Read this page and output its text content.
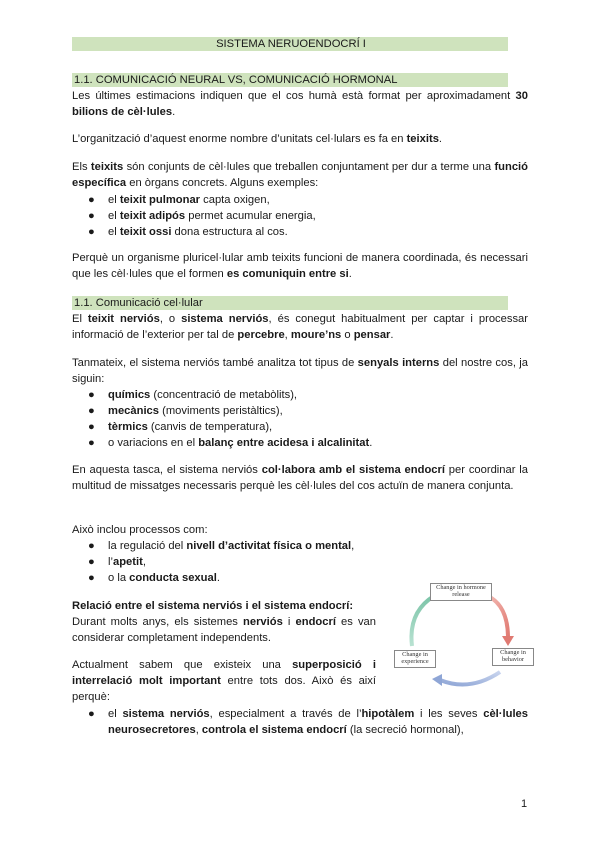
SISTEMA NERUOENDOCRÍ I
1.1. COMUNICACIÓ NEURAL VS, COMUNICACIÓ HORMONAL
Les últimes estimacions indiquen que el cos humà està format per aproximadament 30 bilions de cèl·lules.
L’organització d’aquest enorme nombre d’unitats cel·lulars es fa en teixits.
Els teixits són conjunts de cèl·lules que treballen conjuntament per dur a terme una funció específica en òrgans concrets. Alguns exemples:
●	el teixit pulmonar capta oxigen,
●	el teixit adipós permet acumular energia,
●	el teixit ossi dona estructura al cos.
Perquè un organisme pluricel·lular amb teixits funcioni de manera coordinada, és necessari que les cèl·lules que el formen es comuniquin entre si.
1.1. Comunicació cel·lular
El teixit nerviós, o sistema nerviós, és conegut habitualment per captar i processar informació de l’exterior per tal de percebre, moure’ns o pensar.
Tanmateix, el sistema nerviós també analitza tot tipus de senyals interns del nostre cos, ja siguin:
●	químics (concentració de metabòlits),
●	mecànics (moviments peristàltics),
●	tèrmics (canvis de temperatura),
●	o variacions en el balanç entre acidesa i alcalinitat.
En aquesta tasca, el sistema nerviós col·labora amb el sistema endocrí per coordinar la multitud de missatges necessaris perquè les cèl·lules del cos actuïn de manera conjunta.
Això inclou processos com:
●	la regulació del nivell d’activitat física o mental,
●	l’apetit,
●	o la conducta sexual.
Relació entre el sistema nerviós i el sistema endocrí:
Durant molts anys, els sistemes nerviós i endocrí es van considerar completament independents.
Actualment sabem que existeix una superposició i interrelació molt important entre tots dos. Això és així perquè:
●	el sistema nerviós, especialment a través de l’hipotàlem i les seves cèl·lules neurosecretores, controla el sistema endocrí (la secreció hormonal),
Change in hormone release
Change in behavior
Change in experience
1
